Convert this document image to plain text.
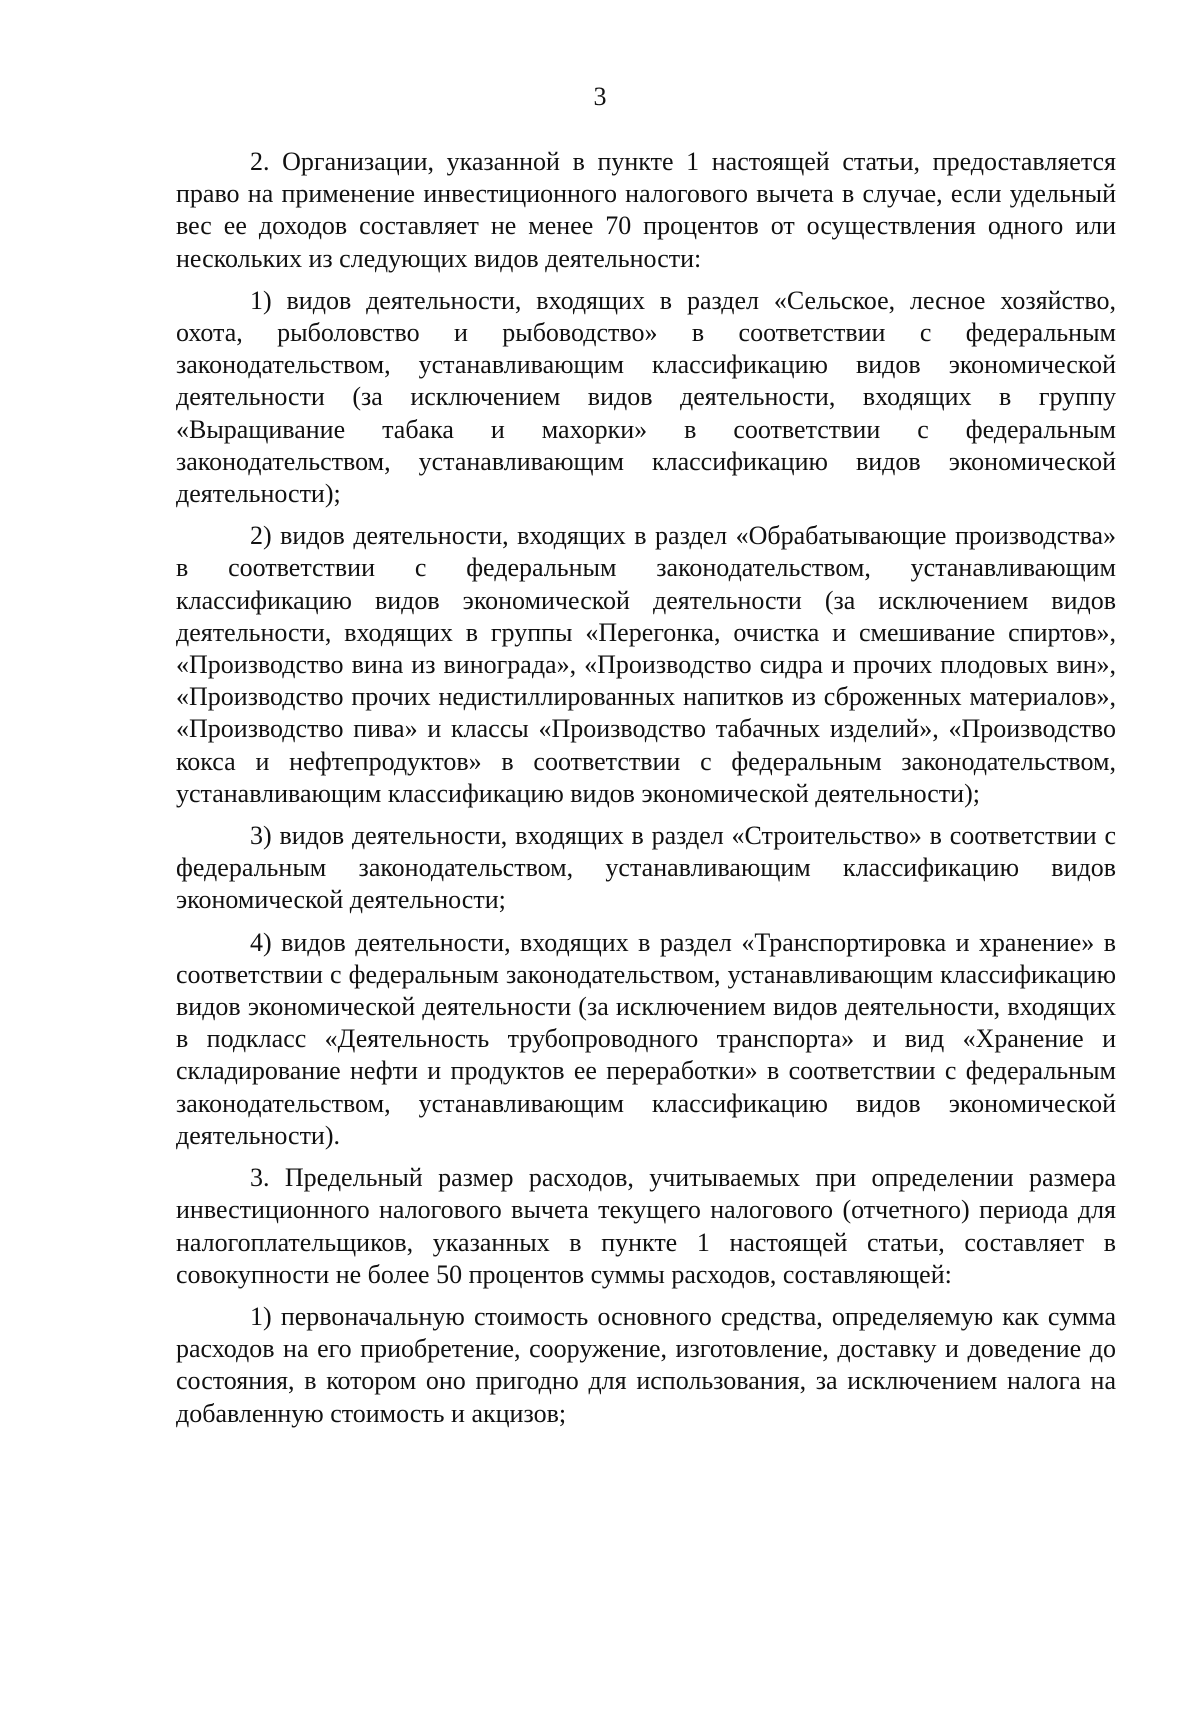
3

2. Организации, указанной в пункте 1 настоящей статьи, предоставляется право на применение инвестиционного налогового вычета в случае, если удельный вес ее доходов составляет не менее 70 процентов от осуществления одного или нескольких из следующих видов деятельности:

1) видов деятельности, входящих в раздел «Сельское, лесное хозяйство, охота, рыболовство и рыбоводство» в соответствии с федеральным законодательством, устанавливающим классификацию видов экономической деятельности (за исключением видов деятельности, входящих в группу «Выращивание табака и махорки» в соответствии с федеральным законодательством, устанавливающим классификацию видов экономической деятельности);

2) видов деятельности, входящих в раздел «Обрабатывающие производства» в соответствии с федеральным законодательством, устанавливающим классификацию видов экономической деятельности (за исключением видов деятельности, входящих в группы «Перегонка, очистка и смешивание спиртов», «Производство вина из винограда», «Производство сидра и прочих плодовых вин», «Производство прочих недистиллированных напитков из сброженных материалов», «Производство пива» и классы «Производство табачных изделий», «Производство кокса и нефтепродуктов» в соответствии с федеральным законодательством, устанавливающим классификацию видов экономической деятельности);

3) видов деятельности, входящих в раздел «Строительство» в соответствии с федеральным законодательством, устанавливающим классификацию видов экономической деятельности;

4) видов деятельности, входящих в раздел «Транспортировка и хранение» в соответствии с федеральным законодательством, устанавливающим классификацию видов экономической деятельности (за исключением видов деятельности, входящих в подкласс «Деятельность трубопроводного транспорта» и вид «Хранение и складирование нефти и продуктов ее переработки» в соответствии с федеральным законодательством, устанавливающим классификацию видов экономической деятельности).

3. Предельный размер расходов, учитываемых при определении размера инвестиционного налогового вычета текущего налогового (отчетного) периода для налогоплательщиков, указанных в пункте 1 настоящей статьи, составляет в совокупности не более 50 процентов суммы расходов, составляющей:

1) первоначальную стоимость основного средства, определяемую как сумма расходов на его приобретение, сооружение, изготовление, доставку и доведение до состояния, в котором оно пригодно для использования, за исключением налога на добавленную стоимость и акцизов;
